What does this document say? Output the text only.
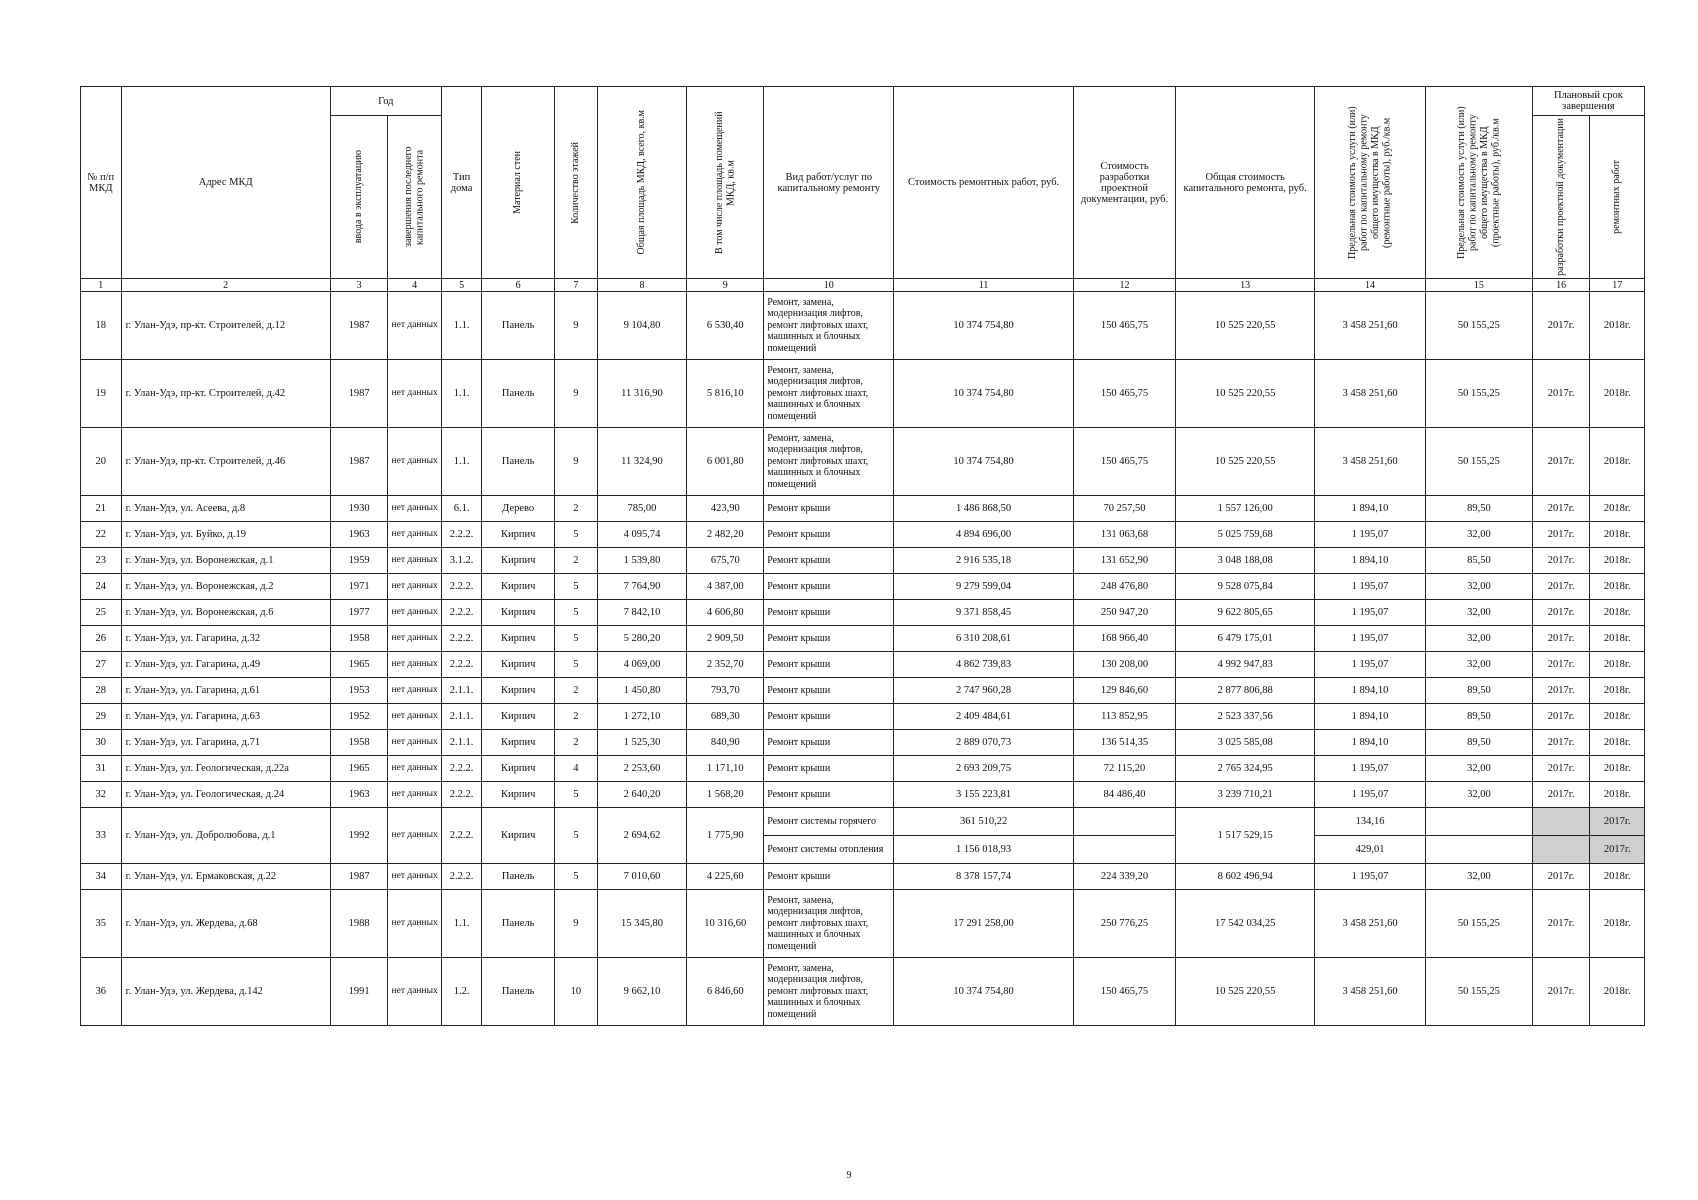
№ п/п МКД	Адрес МКД	Год		Тип дома	Материал стен	Количество этажей	Общая площадь МКД, всего, кв.м	В том числе площадь помещений МКД, кв.м	Вид работ/услуг по капитальному ремонту	Стоимость ремонтных работ, руб.	Стоимость разработки проектной документации, руб.	Общая стоимость капитального ремонта, руб.	Предельная стоимость услуги (или) работ по капитальному ремонту общего имущества в МКД (ремонтные работы), руб./кв.м	Предельная стоимость услуги (или) работ по капитальному ремонту общего имущества в МКД (проектные работы), руб./кв.м	Плановый срок завершения	

		ввода в эксплуатацию	завершения последнего капитального ремонта												разработки проектной документации	ремонтных работ

1	2	3	4	5	6	7	8	9	10	11	12	13	14	15	16	17
18	г. Улан-Удэ, пр-кт. Строителей, д.12	1987	нет данных	1.1.	Панель	9	9 104,80	6 530,40	Ремонт, замена, модернизация лифтов, ремонт лифтовых шахт, машинных и блочных помещений	10 374 754,80	150 465,75	10 525 220,55	3 458 251,60	50 155,25	2017г.	2018г.
19	г. Улан-Удэ, пр-кт. Строителей, д.42	1987	нет данных	1.1.	Панель	9	11 316,90	5 816,10	Ремонт, замена, модернизация лифтов, ремонт лифтовых шахт, машинных и блочных помещений	10 374 754,80	150 465,75	10 525 220,55	3 458 251,60	50 155,25	2017г.	2018г.
20	г. Улан-Удэ, пр-кт. Строителей, д.46	1987	нет данных	1.1.	Панель	9	11 324,90	6 001,80	Ремонт, замена, модернизация лифтов, ремонт лифтовых шахт, машинных и блочных помещений	10 374 754,80	150 465,75	10 525 220,55	3 458 251,60	50 155,25	2017г.	2018г.
21	г. Улан-Удэ, ул. Асеева, д.8	1930	нет данных	6.1.	Дерево	2	785,00	423,90	Ремонт крыши	1 486 868,50	70 257,50	1 557 126,00	1 894,10	89,50	2017г.	2018г.
22	г. Улан-Удэ, ул. Буйко, д.19	1963	нет данных	2.2.2.	Кирпич	5	4 095,74	2 482,20	Ремонт крыши	4 894 696,00	131 063,68	5 025 759,68	1 195,07	32,00	2017г.	2018г.
23	г. Улан-Удэ, ул. Воронежская, д.1	1959	нет данных	3.1.2.	Кирпич	2	1 539,80	675,70	Ремонт крыши	2 916 535,18	131 652,90	3 048 188,08	1 894,10	85,50	2017г.	2018г.
24	г. Улан-Удэ, ул. Воронежская, д.2	1971	нет данных	2.2.2.	Кирпич	5	7 764,90	4 387,00	Ремонт крыши	9 279 599,04	248 476,80	9 528 075,84	1 195,07	32,00	2017г.	2018г.
25	г. Улан-Удэ, ул. Воронежская, д.6	1977	нет данных	2.2.2.	Кирпич	5	7 842,10	4 606,80	Ремонт крыши	9 371 858,45	250 947,20	9 622 805,65	1 195,07	32,00	2017г.	2018г.
26	г. Улан-Удэ, ул. Гагарина, д.32	1958	нет данных	2.2.2.	Кирпич	5	5 280,20	2 909,50	Ремонт крыши	6 310 208,61	168 966,40	6 479 175,01	1 195,07	32,00	2017г.	2018г.
27	г. Улан-Удэ, ул. Гагарина, д.49	1965	нет данных	2.2.2.	Кирпич	5	4 069,00	2 352,70	Ремонт крыши	4 862 739,83	130 208,00	4 992 947,83	1 195,07	32,00	2017г.	2018г.
28	г. Улан-Удэ, ул. Гагарина, д.61	1953	нет данных	2.1.1.	Кирпич	2	1 450,80	793,70	Ремонт крыши	2 747 960,28	129 846,60	2 877 806,88	1 894,10	89,50	2017г.	2018г.
29	г. Улан-Удэ, ул. Гагарина, д.63	1952	нет данных	2.1.1.	Кирпич	2	1 272,10	689,30	Ремонт крыши	2 409 484,61	113 852,95	2 523 337,56	1 894,10	89,50	2017г.	2018г.
30	г. Улан-Удэ, ул. Гагарина, д.71	1958	нет данных	2.1.1.	Кирпич	2	1 525,30	840,90	Ремонт крыши	2 889 070,73	136 514,35	3 025 585,08	1 894,10	89,50	2017г.	2018г.
31	г. Улан-Удэ, ул. Геологическая, д.22а	1965	нет данных	2.2.2.	Кирпич	4	2 253,60	1 171,10	Ремонт крыши	2 693 209,75	72 115,20	2 765 324,95	1 195,07	32,00	2017г.	2018г.
32	г. Улан-Удэ, ул. Геологическая, д.24	1963	нет данных	2.2.2.	Кирпич	5	2 640,20	1 568,20	Ремонт крыши	3 155 223,81	84 486,40	3 239 710,21	1 195,07	32,00	2017г.	2018г.
33	г. Улан-Удэ, ул. Добролюбова, д.1	1992	нет данных	2.2.2.	Кирпич	5	2 694,62	1 775,90	Ремонт системы горячего	361 510,22		1 517 529,15	134,16			2017г.
									Ремонт системы отопления	1 156 018,93			429,01			2017г.
34	г. Улан-Удэ, ул. Ермаковская, д.22	1987	нет данных	2.2.2.	Панель	5	7 010,60	4 225,60	Ремонт крыши	8 378 157,74	224 339,20	8 602 496,94	1 195,07	32,00	2017г.	2018г.
35	г. Улан-Удэ, ул. Жердева, д.68	1988	нет данных	1.1.	Панель	9	15 345,80	10 316,60	Ремонт, замена, модернизация лифтов, ремонт лифтовых шахт, машинных и блочных помещений	17 291 258,00	250 776,25	17 542 034,25	3 458 251,60	50 155,25	2017г.	2018г.
36	г. Улан-Удэ, ул. Жердева, д.142	1991	нет данных	1.2.	Панель	10	9 662,10	6 846,60	Ремонт, замена, модернизация лифтов, ремонт лифтовых шахт, машинных и блочных помещений	10 374 754,80	150 465,75	10 525 220,55	3 458 251,60	50 155,25	2017г.	2018г.
9
